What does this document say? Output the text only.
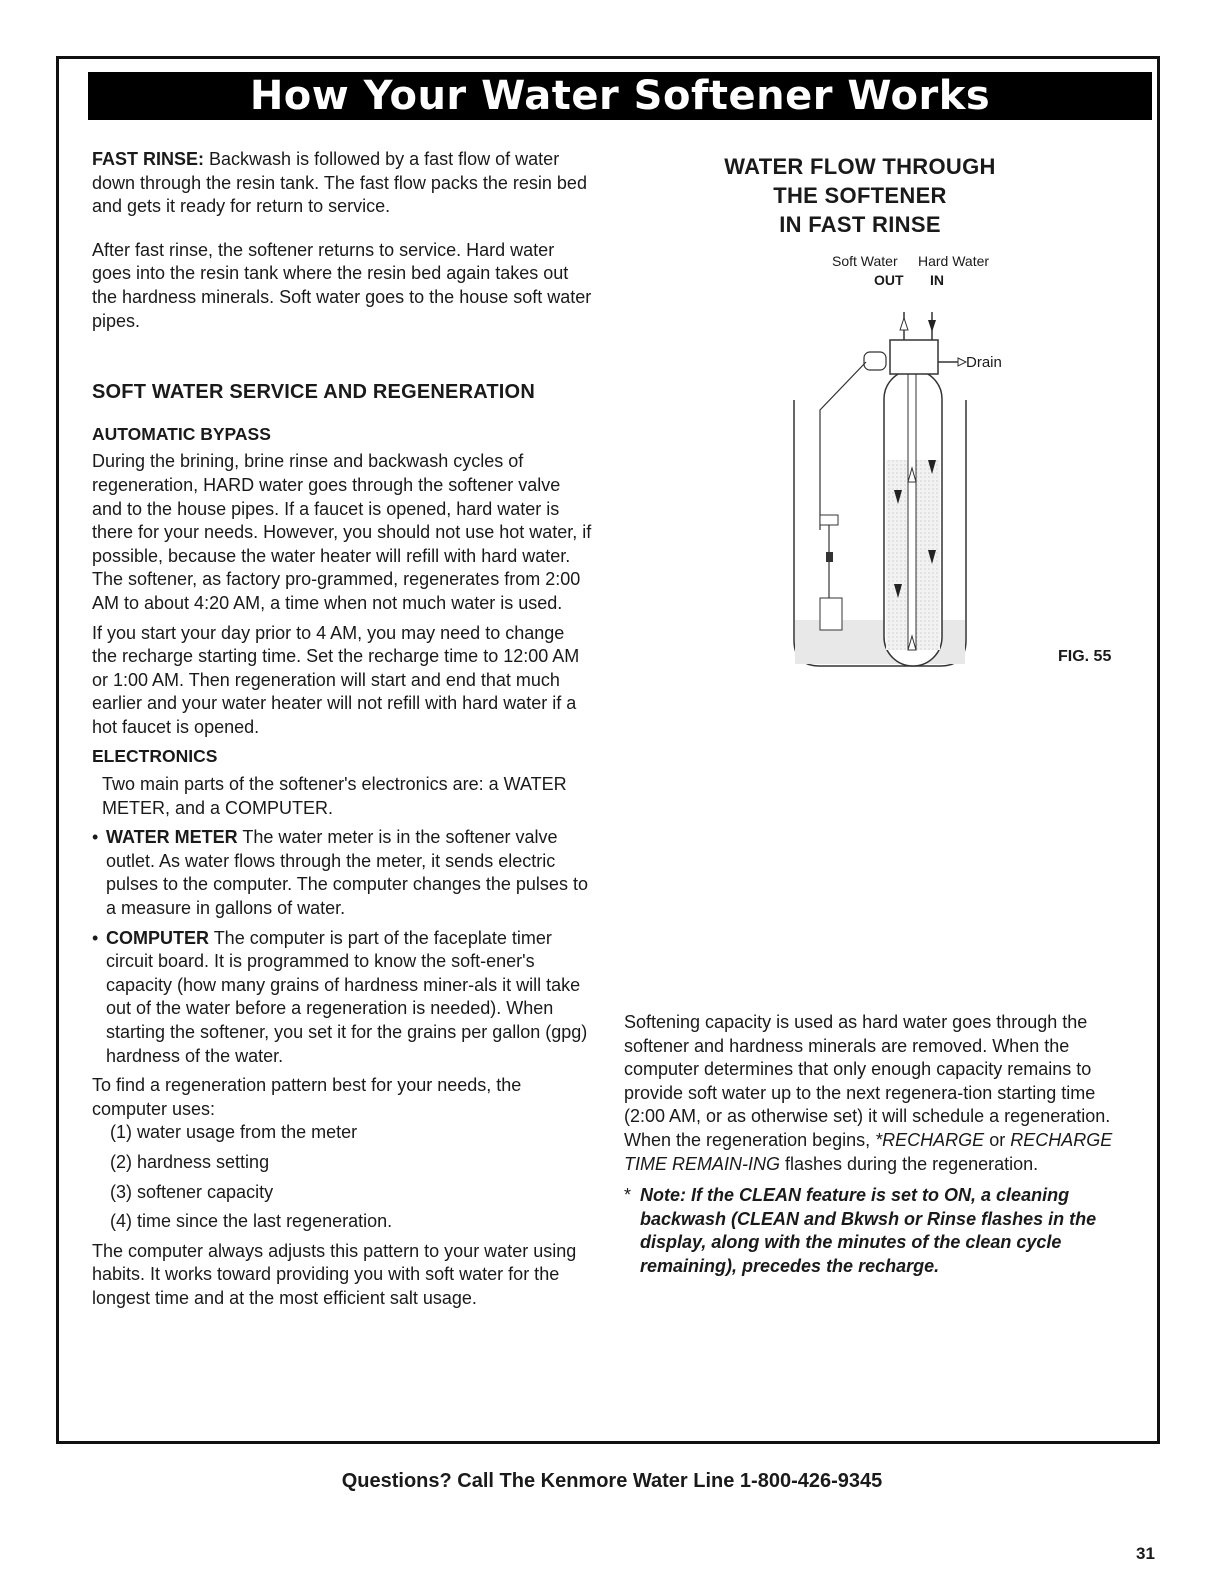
How Your Water Softener Works

FAST RINSE: Backwash is followed by a fast flow of water down through the resin tank. The fast flow packs the resin bed and gets it ready for return to service.

After fast rinse, the softener returns to service. Hard water goes into the resin tank where the resin bed again takes out the hardness minerals. Soft water goes to the house soft water pipes.

SOFT WATER SERVICE AND REGENERATION

AUTOMATIC BYPASS

During the brining, brine rinse and backwash cycles of regeneration, HARD water goes through the softener valve and to the house pipes. If a faucet is opened, hard water is there for your needs. However, you should not use hot water, if possible, because the water heater will refill with hard water. The softener, as factory pro-grammed, regenerates from 2:00 AM to about 4:20 AM, a time when not much water is used.

If you start your day prior to 4 AM, you may need to change the recharge starting time. Set the recharge time to 12:00 AM or 1:00 AM. Then regeneration will start and end that much earlier and your water heater will not refill with hard water if a hot faucet is opened.

ELECTRONICS

Two main parts of the softener's electronics are: a WATER METER, and a COMPUTER.

• WATER METER The water meter is in the softener valve outlet. As water flows through the meter, it sends electric pulses to the computer. The computer changes the pulses to a measure in gallons of water.

• COMPUTER The computer is part of the faceplate timer circuit board. It is programmed to know the soft-ener's capacity (how many grains of hardness miner-als it will take out of the water before a regeneration is needed). When starting the softener, you set it for the grains per gallon (gpg) hardness of the water.

To find a regeneration pattern best for your needs, the computer uses:

(1) water usage from the meter

(2) hardness setting

(3) softener capacity

(4) time since the last regeneration.

The computer always adjusts this pattern to your water using habits. It works toward providing you with soft water for the longest time and at the most efficient salt usage.

WATER FLOW THROUGH
THE SOFTENER
IN FAST RINSE
Soft Water Hard Water
OUT IN
Drain
FIG. 55

Softening capacity is used as hard water goes through the softener and hardness minerals are removed. When the computer determines that only enough capacity remains to provide soft water up to the next regenera-tion starting time (2:00 AM, or as otherwise set) it will schedule a regeneration. When the regeneration begins, *RECHARGE or RECHARGE TIME REMAIN-ING flashes during the regeneration.

* Note: If the CLEAN feature is set to ON, a cleaning backwash (CLEAN and Bkwsh or Rinse flashes in the display, along with the minutes of the clean cycle remaining), precedes the recharge.

Questions? Call The Kenmore Water Line 1-800-426-9345
31
